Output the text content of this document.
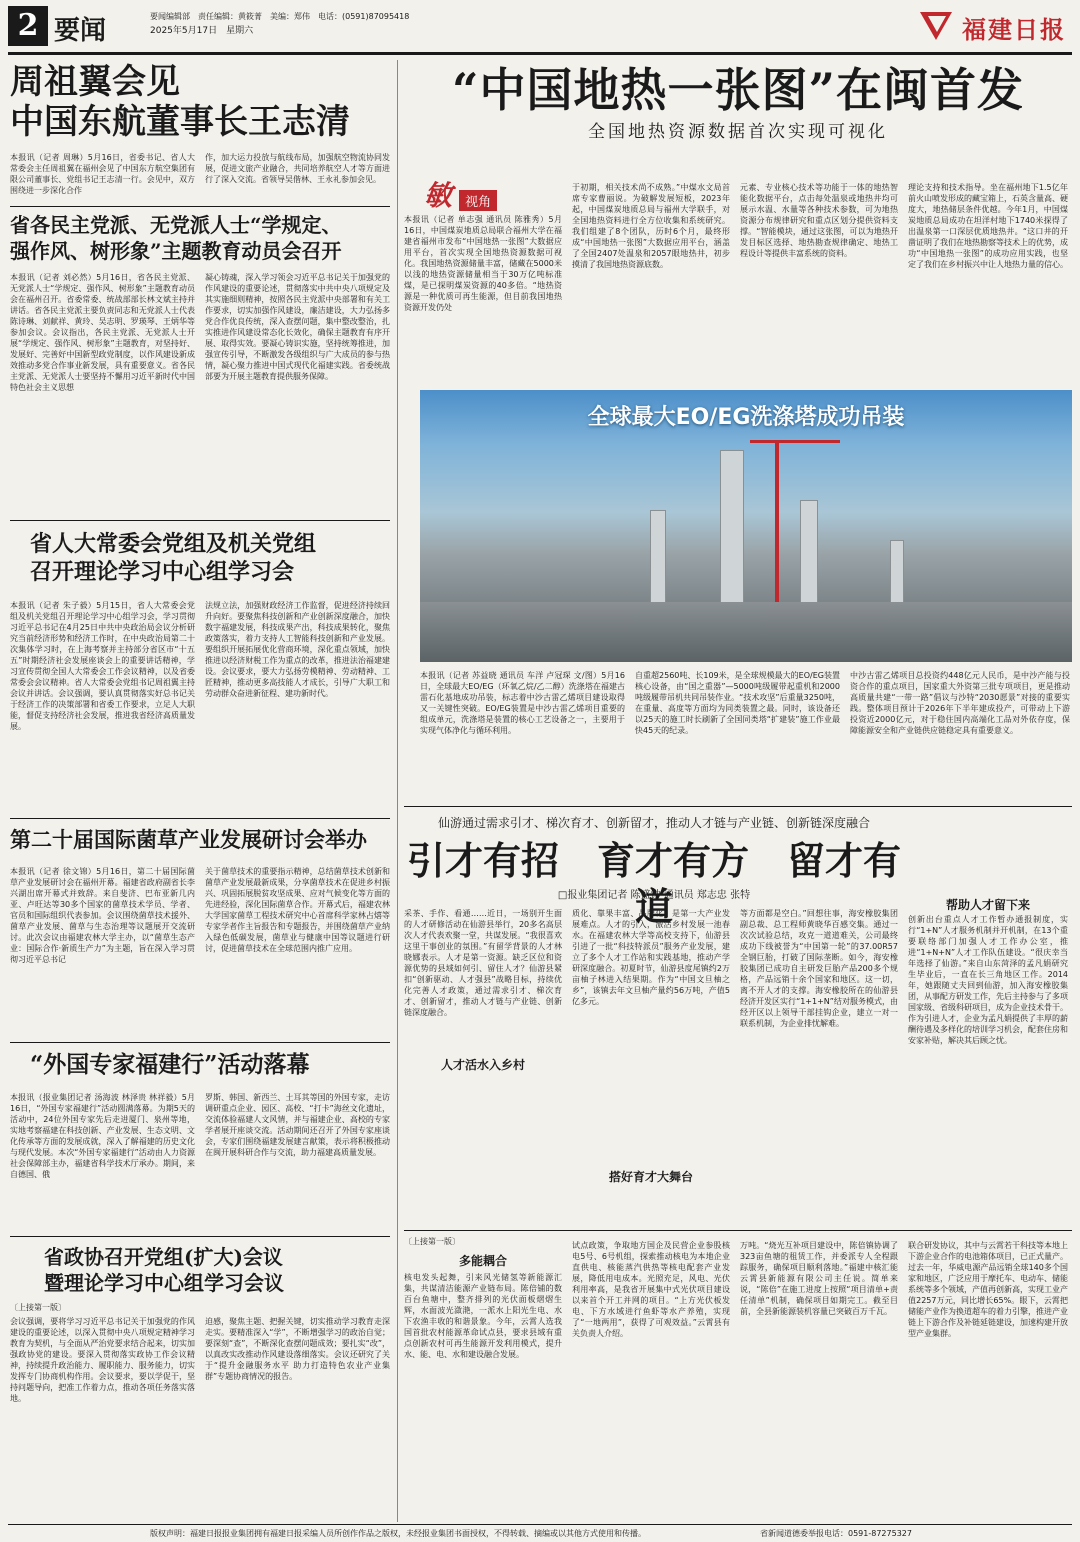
2 要闻	要闻编辑部　责任编辑：黄筱菁　美编：郑伟　电话：(0591)87095418
2025年5月17日　星期六	福建日报
周祖翼会见
中国东航董事长王志清
本报讯（记者 周琳）5月16日，省委书记、省人大常委会主任周祖翼在福州会见了中国东方航空集团有限公司董事长、党组书记王志清一行。会见中，双方围绕进一步深化合作
作，加大运力投放与航线布局，加强航空物流协同发展，促进文旅产业融合，共同培养航空人才等方面进行了深入交流。省领导吴偕林、王永礼参加会见。
省各民主党派、无党派人士“学规定、
强作风、树形象”主题教育动员会召开
本报讯（记者 刘必然）5月16日，省各民主党派、无党派人士“学规定、强作风、树形象”主题教育动员会在福州召开。省委常委、统战部部长林文斌主持并讲话。省各民主党派主要负责同志和无党派人士代表陈诗琳、刘献祥、黄玲、吴志明、罗瑛琴、王炳华等参加会议。会议指出，各民主党派、无党派人士开展“学规定、强作风、树形象”主题教育，对坚持好、发展好、完善好中国新型政党制度，以作风建设新成效推动多党合作事业新发展，具有重要意义。省各民主党派、无党派人士要坚持不懈用习近平新时代中国特色社会主义思想
凝心铸魂，深入学习领会习近平总书记关于加强党的作风建设的重要论述，贯彻落实中共中央八项规定及其实施细则精神，按照各民主党派中央部署和有关工作要求，切实加强作风建设，廉洁建设，大力弘扬多党合作优良传统，深入查摆问题，集中整改整治，扎实推进作风建设常态化长效化，确保主题教育有序开展、取得实效。要凝心铸识实施，坚持统筹推进，加强宣传引导，不断激发各级组织与广大成员的参与热情，凝心聚力推进中国式现代化福建实践。省委统战部要为开展主题教育提供服务保障。
省人大常委会党组及机关党组
召开理论学习中心组学习会
本报讯（记者 朱子毅）5月15日，省人大常委会党组及机关党组召开理论学习中心组学习会，学习贯彻习近平总书记在4月25日中共中央政治局会议分析研究当前经济形势和经济工作时，在中央政治局第二十次集体学习时，在上海考察并主持部分省区市“十五五”时期经济社会发展座谈会上的重要讲话精神，学习宣传贯彻全国人大常委会工作会议精神，以及省委常委会会议精神。省人大常委会党组书记周祖翼主持会议并讲话。会议强调，要认真贯彻落实好总书记关于经济工作的决策部署和省委工作要求，立足人大职能，督促支持经济社会发展，推进我省经济高质量发展。
法规立法，加强财政经济工作监督，促进经济持续回升向好。要聚焦科技创新和产业创新深度融合，加快数字福建发展，科技成果产出，科技成果转化，聚焦政策落实，着力支持人工智能科技创新和产业发展。要组织开展拓展优化营商环境，深化重点领域，加快推进以经济财税工作为重点的改革，推进法治福建建设。会议要求，要大力弘扬劳模精神、劳动精神、工匠精神，推动更多高技能人才成长，引导广大职工和劳动群众奋进新征程、建功新时代。
第二十届国际菌草产业发展研讨会举办
本报讯（记者 徐文锦）5月16日，第二十届国际菌草产业发展研讨会在福州开幕。福建省政府副省长李兴湖出席开幕式并致辞。来自斐济、巴布亚新几内亚、卢旺达等30多个国家的菌草技术学员、学者、官员和国际组织代表参加。会议围绕菌草技术援外、菌草产业发展、菌草与生态治理等议题展开交流研讨。此次会议由福建农林大学主办，以“菌草生态产业：国际合作·新质生产力”为主题，旨在深入学习贯彻习近平总书记
关于菌草技术的重要指示精神，总结菌草技术创新和菌草产业发展最新成果，分享菌草技术在促进乡村振兴、巩固拓展脱贫攻坚成果、应对气候变化等方面的先进经验，深化国际菌草合作。开幕式后，福建农林大学国家菌草工程技术研究中心首席科学家林占熺等专家学者作主旨报告和专题报告，并围绕菌草产业纳入绿色低碳发展，菌草业与健康中国等议题进行研讨，促进菌草技术在全球范围内推广应用。
“外国专家福建行”活动落幕
本报讯（报业集团记者 汤海波 林泽贵 林祥毅）5月16日，“外国专家福建行”活动圆满落幕。为期5天的活动中，24位外国专家先后走进厦门、泉州等地，实地考察福建在科技创新、产业发展、生态文明、文化传承等方面的发展成就，深入了解福建的历史文化与现代发展。本次“外国专家福建行”活动由人力资源社会保障部主办，福建省科学技术厅承办。期间，来自德国、俄
罗斯、韩国、新西兰、土耳其等国的外国专家，走访调研重点企业、园区、高校、“打卡”海丝文化遗址，交流体验福建人文风情，并与福建企业、高校的专家学者展开座谈交流。活动期间还召开了外国专家座谈会，专家们围绕福建发展建言献策，表示将积极推动在闽开展科研合作与交流，助力福建高质量发展。
省政协召开党组(扩大)会议
暨理论学习中心组学习会议
〔上接第一版〕
会议强调，要将学习习近平总书记关于加强党的作风建设的重要论述，以深入贯彻中央八项规定精神学习教育为契机，与全面从严治党要求结合起来，切实加强政协党的建设。要深入贯彻落实政协工作会议精神，持续提升政治能力、履职能力、服务能力，切实发挥专门协商机构作用。会议要求，要以学促干，坚持问题导向，把准工作着力点，推动各项任务落实落地。
迫感，聚焦主题、把握关键，切实推动学习教育走深走实。要精准深入“学”，不断增强学习的政治自觉；要深刻“查”，不断深化查摆问题成效；要扎实“改”，以真改实改推动作风建设落细落实。会议还研究了关于“提升金融服务水平 助力打造特色农业产业集群”专题协商情况的报告。
“中国地热一张图”在闽首发
全国地热资源数据首次实现可视化
敏 视角
本报讯（记者 单志强 通讯员 陈雅秀）5月16日，中国煤炭地质总局联合福州大学在福建省福州市发布“中国地热一张图”大数据应用平台，首次实现全国地热资源数据可视化。我国地热资源储量丰富，储藏在5000米以浅的地热资源储量相当于30万亿吨标准煤，是已探明煤炭资源的40多倍。“地热资源是一种优质可再生能源，但目前我国地热资源开发仍处
于初期，相关技术尚不成熟。”中煤水文局首席专家曹丽说。为破解发展短板，2023年起，中国煤炭地质总局与福州大学联手，对全国地热资料进行全方位收集和系统研究。我们组建了8个团队，历时6个月，最终形成“中国地热一张图”大数据应用平台，涵盖了全国2407处温泉和2057眼地热井，初步摸清了我国地热资源底数。
元素、专业核心技术等功能于一体的地热智能化数据平台，点击每处温泉或地热井均可展示水温、水量等各种技术参数，可为地热资源分布规律研究和重点区划分提供资料支撑。“智能模块，通过这张图，可以为地热开发目标区选择、地热勘查规律确定、地热工程设计等提供丰富系统的资料。
理论支持和技术指导。坐在福州地下1.5亿年前火山喷发形成的藏宝箱上，石英含量高、硬度大，地热储层条件优越。今年1月，中国煤炭地质总局成功在坦洋村地下1740米探得了出温泉第一口深层优质地热井。“这口井的开凿证明了我们在地热勘察等技术上的优势，成功“中国地热一张图”的成功应用实践，也坚定了我们在乡村振兴中让人地热力量的信心。
全球最大EO/EG洗涤塔成功吊装
本报讯（记者 苏益晓 通讯员 车洋 卢冠琛 文/图）5月16日，全球最大EO/EG（环氧乙烷/乙二醇）洗涤塔在福建古雷石化基地成功吊装，标志着中沙古雷乙烯项目建设取得又一关键性突破。EO/EG装置是中沙古雷乙烯项目重要的组成单元，洗涤塔是装置的核心工艺设备之一，主要用于实现气体净化与循环利用。
自重超2560吨、长109米，是全球规模最大的EO/EG装置核心设备，由“国之重器”—5000吨级履带起重机和2000吨级履带吊机共同吊装作业。“技术攻坚”后重量3250吨，在重量、高度等方面均为同类装置之最。同时，该设备还以25天的施工时长刷新了全国同类塔“扩建装”施工作业最快45天的纪录。
中沙古雷乙烯项目总投资约448亿元人民币，是中沙产能与投资合作的重点项目，国家重大外资第三批专项项目，更是推动高质量共建“一带一路”倡议与沙特“2030愿景”对接的重要实践。整体项目预计于2026年下半年建成投产，可带动上下游投资近2000亿元，对于稳住国内高端化工品对外依存度，保障能源安全和产业链供应链稳定具有重要意义。
仙游通过需求引才、梯次育才、创新留才，推动人才链与产业链、创新链深度融合
引才有招　育才有方　留才有道
□报业集团记者 陈盛钟 通讯员 郑志忠 张特
采茶、手作、看通……近日，一场别开生面的人才研修活动在仙游县举行，20多名高层次人才代表欢聚一堂，共谋发展。“我很喜欢这里干事创业的氛围。”有留学背景的人才林晓娜表示。人才是第一资源。缺乏区位和资源优势的县域如何引、留住人才？仙游县紧扣“创新驱动、人才强县”战略目标，持续优化完善人才政策，通过需求引才、梯次育才、创新留才，推动人才链与产业链、创新链深度融合。
人才活水入乡村
质化、靠果丰富、品牌化，是第一大产业发展难点。人才的引入，激活乡村发展一池春水。在福建农林大学等高校支持下，仙游县引进了一批“科技特派员”服务产业发展，建立了多个人才工作站和实践基地，推动产学研深度融合。初夏时节，仙游县度尾镇约2万亩柚子林进入结果期。作为“中国文旦柚之乡”，该镇去年文旦柚产量约56万吨，产值5亿多元。
搭好育才大舞台
等方面都是空白。”回想往事，海安橡胶集团副总裁、总工程师黄晓华百感交集。通过一次次试验总结，攻克一道道难关，公司最终成功下线被誉为“中国第一轮”的37.00R57全钢巨胎，打破了国际垄断。如今，海安橡胶集团已成功自主研发巨胎产品200多个规格，产品远销十余个国家和地区。这一切，离不开人才的支撑。海安橡胶所在的仙游县经济开发区实行“1+1+N”结对服务模式，由经开区以上领导干部挂钩企业，建立一对一联系机制，为企业排忧解难。
帮助人才留下来
创新出台重点人才工作暂办通报制度，实行“1+N”人才服务机制并开机制，在13个重要联络部门加强人才工作办公室，推进“1+N+N”人才工作队伍建设。“很庆幸当年选择了仙游。”来自山东菏泽的孟凡娟研究生毕业后，一直在长三角地区工作。2014年，她跟随丈夫回到仙游，加入海安橡胶集团，从事配方研发工作，先后主持参与了多项国家级、省级科研项目，成为企业技术骨干。作为引进人才，企业为孟凡娟提供了丰厚的薪酬待遇及多样化的培训学习机会，配套住房和安家补贴，解决其后顾之忧。
〔上接第一版〕
多能耦合
核电发头起舞，引来风光储氢等新能源汇集，共谋清洁能源产业链布局。陈倍铺的数百台鱼塘中，整齐排列的光伏面板熠熠生辉，水面波光潋滟，一派水上阳光生电、水下农渔丰收的和谐景象。今年，云霄人选我国首批农村能源革命试点县，要求县域有重点创新农村可再生能源开发利用模式，提升水、能、电、水和建设融合发展。
试点政策，争取地方国企及民营企业参股核电5号、6号机组，探索推动核电为本地企业直供电、核能蒸汽供热等核电配套产业发展，降低用电成本。光照充足，风电、光伏利用率高，是我省开展集中式光伏项目建设以来首个开工并网的项目。“上方光伏板发电、下方水域进行鱼虾等水产养殖，实现了“一地两用”，获得了可观效益。”云霄县有关负责人介绍。
万吨。“烧光互补项目建设中，陈倍镇协调了323亩鱼塘的租赁工作，并委派专人全程跟踪服务，确保项目顺利落地。”福建中核汇能云霄县新能源有限公司主任说。简单来说，“陈倍”在施工进度上按照“项目清单+责任清单”机制，确保项目如期完工。截至目前，全县新能源装机容量已突破百万千瓦。
联合研发协议，其中与云霄若干科技等本地上下游企业合作的电池箱体项目，已正式量产。过去一年，华威电源产品远销全球140多个国家和地区，广泛应用于摩托车、电动车、储能系统等多个领域，产值再创新高，实现工业产值2257万元，同比增长65%。眼下，云霄把储能产业作为换道超车的着力引擎，推进产业链上下游合作及补链延链建设，加速构建开放型产业集群。
版权声明：福建日报报业集团拥有福建日报采编人员所创作作品之版权，未经报业集团书面授权，不得转载、摘编或以其他方式使用和传播。	省新闻道德委举报电话：0591-87275327
